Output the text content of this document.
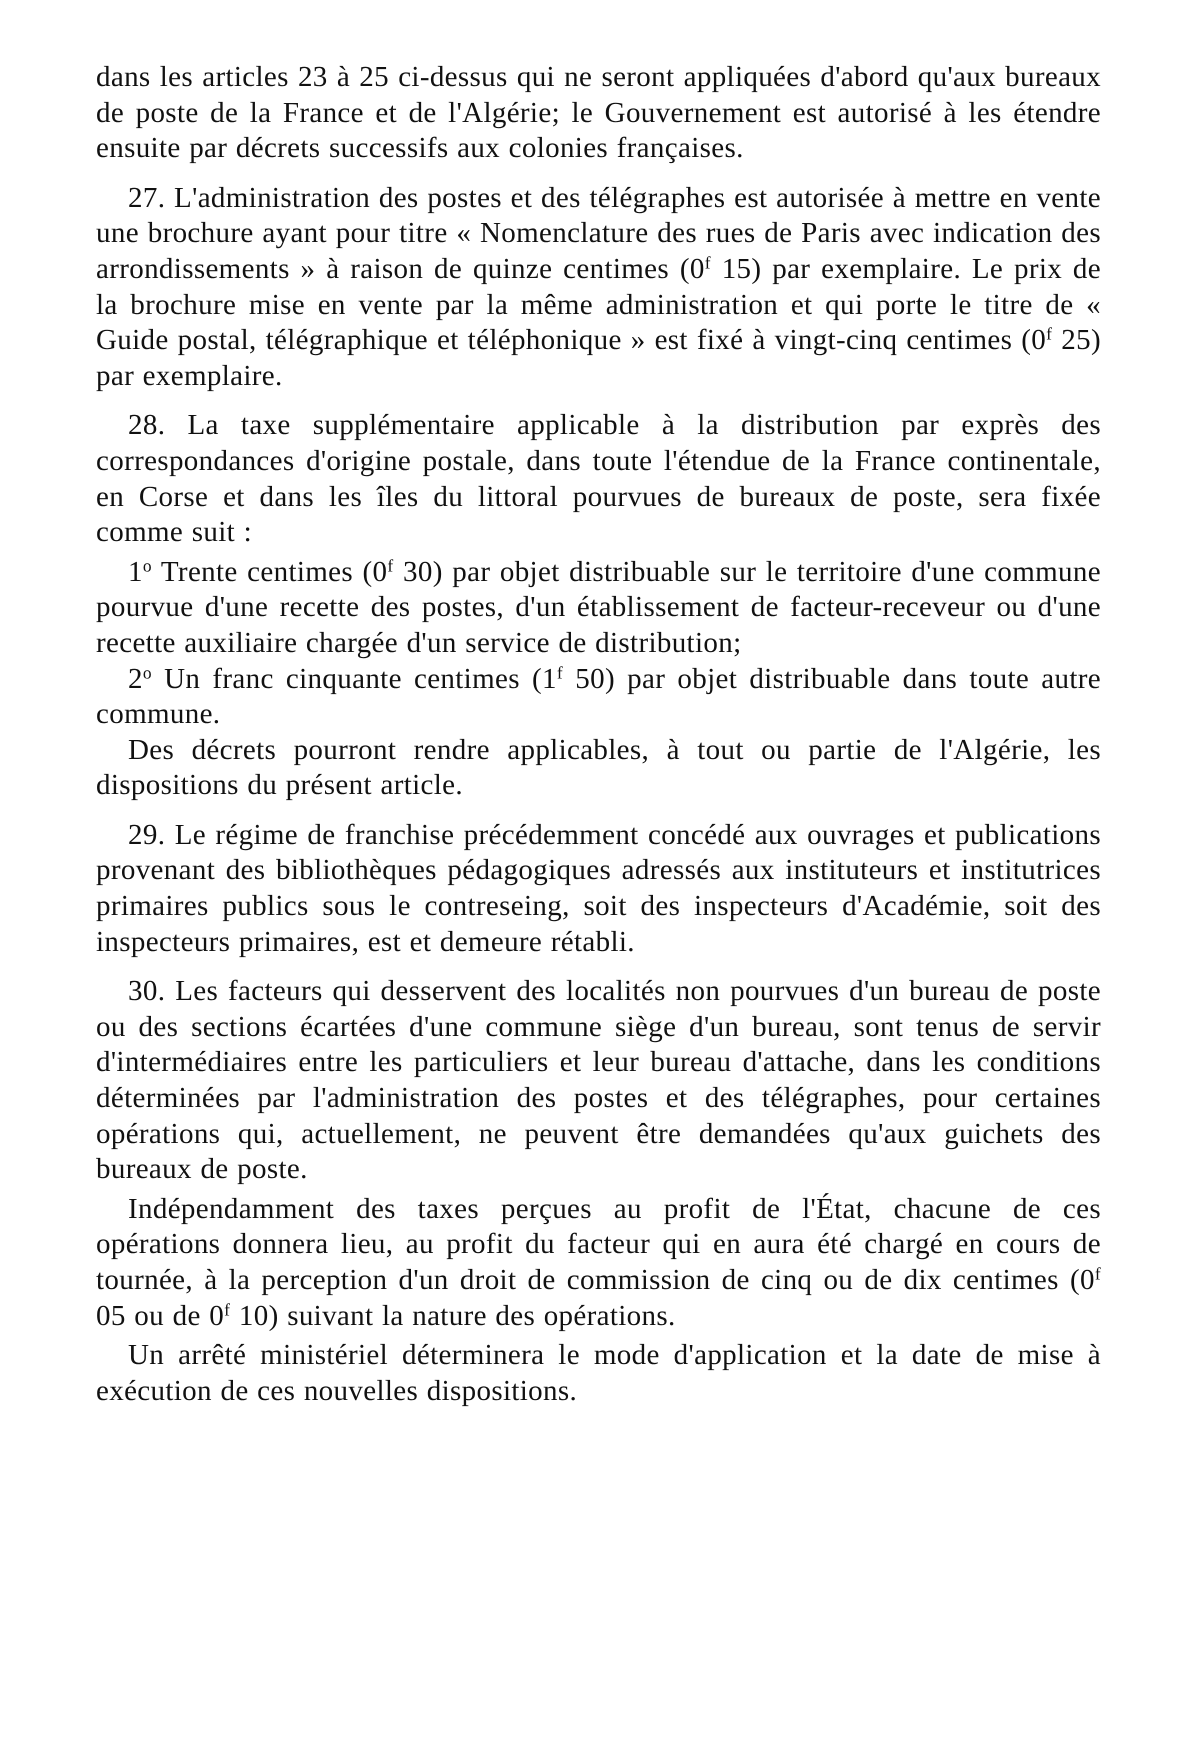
dans les articles 23 à 25 ci-dessus qui ne seront appliquées d'abord qu'aux bureaux de poste de la France et de l'Algérie; le Gouvernement est autorisé à les étendre ensuite par décrets successifs aux colonies françaises.

27. L'administration des postes et des télégraphes est autorisée à mettre en vente une brochure ayant pour titre « Nomenclature des rues de Paris avec indication des arrondissements » à raison de quinze centimes (0$^f$ 15) par exemplaire. Le prix de la brochure mise en vente par la même administration et qui porte le titre de « Guide postal, télégraphique et téléphonique » est fixé à vingt-cinq centimes (0$^f$ 25) par exemplaire.

28. La taxe supplémentaire applicable à la distribution par exprès des correspondances d'origine postale, dans toute l'étendue de la France continentale, en Corse et dans les îles du littoral pourvues de bureaux de poste, sera fixée comme suit :

1$^o$ Trente centimes (0$^f$ 30) par objet distribuable sur le territoire d'une commune pourvue d'une recette des postes, d'un établissement de facteur-receveur ou d'une recette auxiliaire chargée d'un service de distribution;

2$^o$ Un franc cinquante centimes (1$^f$ 50) par objet distribuable dans toute autre commune.

Des décrets pourront rendre applicables, à tout ou partie de l'Algérie, les dispositions du présent article.

29. Le régime de franchise précédemment concédé aux ouvrages et publications provenant des bibliothèques pédagogiques adressés aux instituteurs et institutrices primaires publics sous le contreseing, soit des inspecteurs d'Académie, soit des inspecteurs primaires, est et demeure rétabli.

30. Les facteurs qui desservent des localités non pourvues d'un bureau de poste ou des sections écartées d'une commune siège d'un bureau, sont tenus de servir d'intermédiaires entre les particuliers et leur bureau d'attache, dans les conditions déterminées par l'administration des postes et des télégraphes, pour certaines opérations qui, actuellement, ne peuvent être demandées qu'aux guichets des bureaux de poste.

Indépendamment des taxes perçues au profit de l'État, chacune de ces opérations donnera lieu, au profit du facteur qui en aura été chargé en cours de tournée, à la perception d'un droit de commission de cinq ou de dix centimes (0$^f$ 05 ou de 0$^f$ 10) suivant la nature des opérations.

Un arrêté ministériel déterminera le mode d'application et la date de mise à exécution de ces nouvelles dispositions.
